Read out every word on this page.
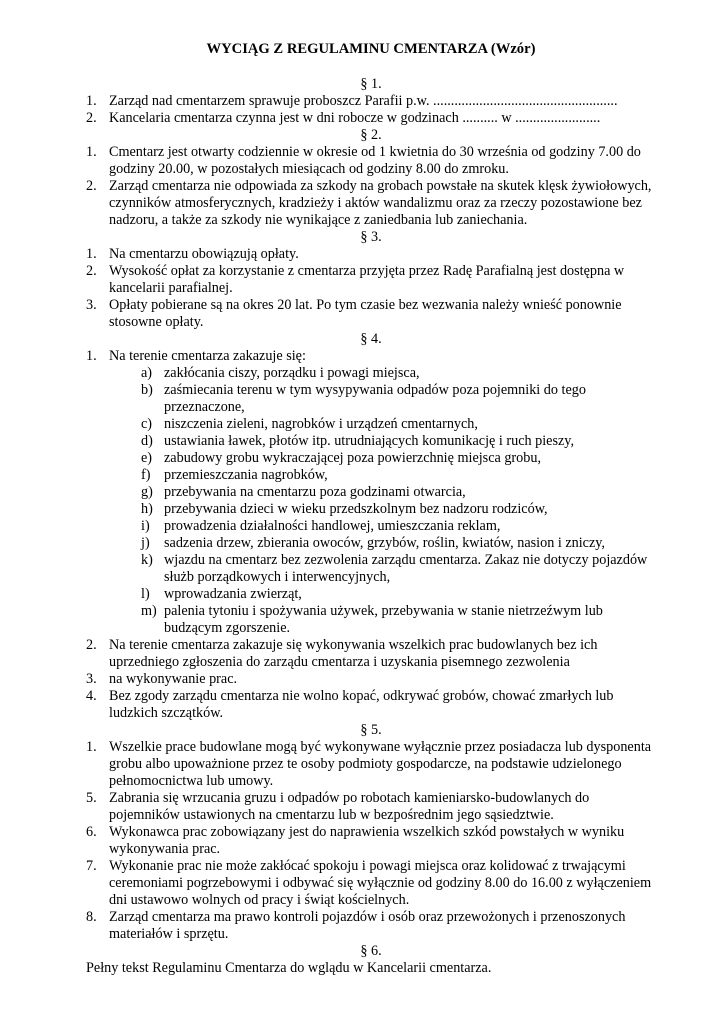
WYCIĄG Z REGULAMINU CMENTARZA (Wzór)
§ 1.
1. Zarząd nad cmentarzem sprawuje proboszcz Parafii p.w. ....................................................
2. Kancelaria cmentarza czynna jest w dni robocze w godzinach .......... w ........................
§ 2.
1. Cmentarz jest otwarty codziennie w okresie od 1 kwietnia do 30 września od godziny 7.00 do godziny 20.00, w pozostałych miesiącach od godziny 8.00 do zmroku.
2. Zarząd cmentarza nie odpowiada za szkody na grobach powstałe na skutek klęsk żywiołowych, czynników atmosferycznych, kradzieży i aktów wandalizmu oraz za rzeczy pozostawione bez nadzoru, a także za szkody nie wynikające z zaniedbania lub zaniechania.
§ 3.
1. Na cmentarzu obowiązują opłaty.
2. Wysokość opłat za korzystanie z cmentarza przyjęta przez Radę Parafialną jest dostępna w kancelarii parafialnej.
3. Opłaty pobierane są na okres 20 lat. Po tym czasie bez wezwania należy wnieść ponownie stosowne opłaty.
§ 4.
1. Na terenie cmentarza zakazuje się:
a) zakłócania ciszy, porządku i powagi miejsca,
b) zaśmiecania terenu w tym wysypywania odpadów poza pojemniki do tego przeznaczone,
c) niszczenia zieleni, nagrobków i urządzeń cmentarnych,
d) ustawiania ławek, płotów itp. utrudniających komunikację i ruch pieszy,
e) zabudowy grobu wykraczającej poza powierzchnię miejsca grobu,
f) przemieszczania nagrobków,
g) przebywania na cmentarzu poza godzinami otwarcia,
h) przebywania dzieci w wieku przedszkolnym bez nadzoru rodziców,
i) prowadzenia działalności handlowej, umieszczania reklam,
j) sadzenia drzew, zbierania owoców, grzybów, roślin, kwiatów, nasion i zniczy,
k) wjazdu na cmentarz bez zezwolenia zarządu cmentarza. Zakaz nie dotyczy pojazdów służb porządkowych i interwencyjnych,
l) wprowadzania zwierząt,
m) palenia tytoniu i spożywania używek, przebywania w stanie nietrzeźwym lub budzącym zgorszenie.
2. Na terenie cmentarza zakazuje się wykonywania wszelkich prac budowlanych bez ich uprzedniego zgłoszenia do zarządu cmentarza i uzyskania pisemnego zezwolenia
3. na wykonywanie prac.
4. Bez zgody zarządu cmentarza nie wolno kopać, odkrywać grobów, chować zmarłych lub ludzkich szczątków.
§ 5.
1. Wszelkie prace budowlane mogą być wykonywane wyłącznie przez posiadacza lub dysponenta grobu albo upoważnione przez te osoby podmioty gospodarcze, na podstawie udzielonego pełnomocnictwa lub umowy.
5. Zabrania się wrzucania gruzu i odpadów po robotach kamieniarsko-budowlanych do pojemników ustawionych na cmentarzu lub w bezpośrednim jego sąsiedztwie.
6. Wykonawca prac zobowiązany jest do naprawienia wszelkich szkód powstałych w wyniku wykonywania prac.
7. Wykonanie prac nie może zakłócać spokoju i powagi miejsca oraz kolidować z trwającymi ceremoniami pogrzebowymi i odbywać się wyłącznie od godziny 8.00 do 16.00 z wyłączeniem dni ustawowo wolnych od pracy i świąt kościelnych.
8. Zarząd cmentarza ma prawo kontroli pojazdów i osób oraz przewożonych i przenoszonych materiałów i sprzętu.
§ 6.
Pełny tekst Regulaminu Cmentarza do wglądu w Kancelarii cmentarza.
